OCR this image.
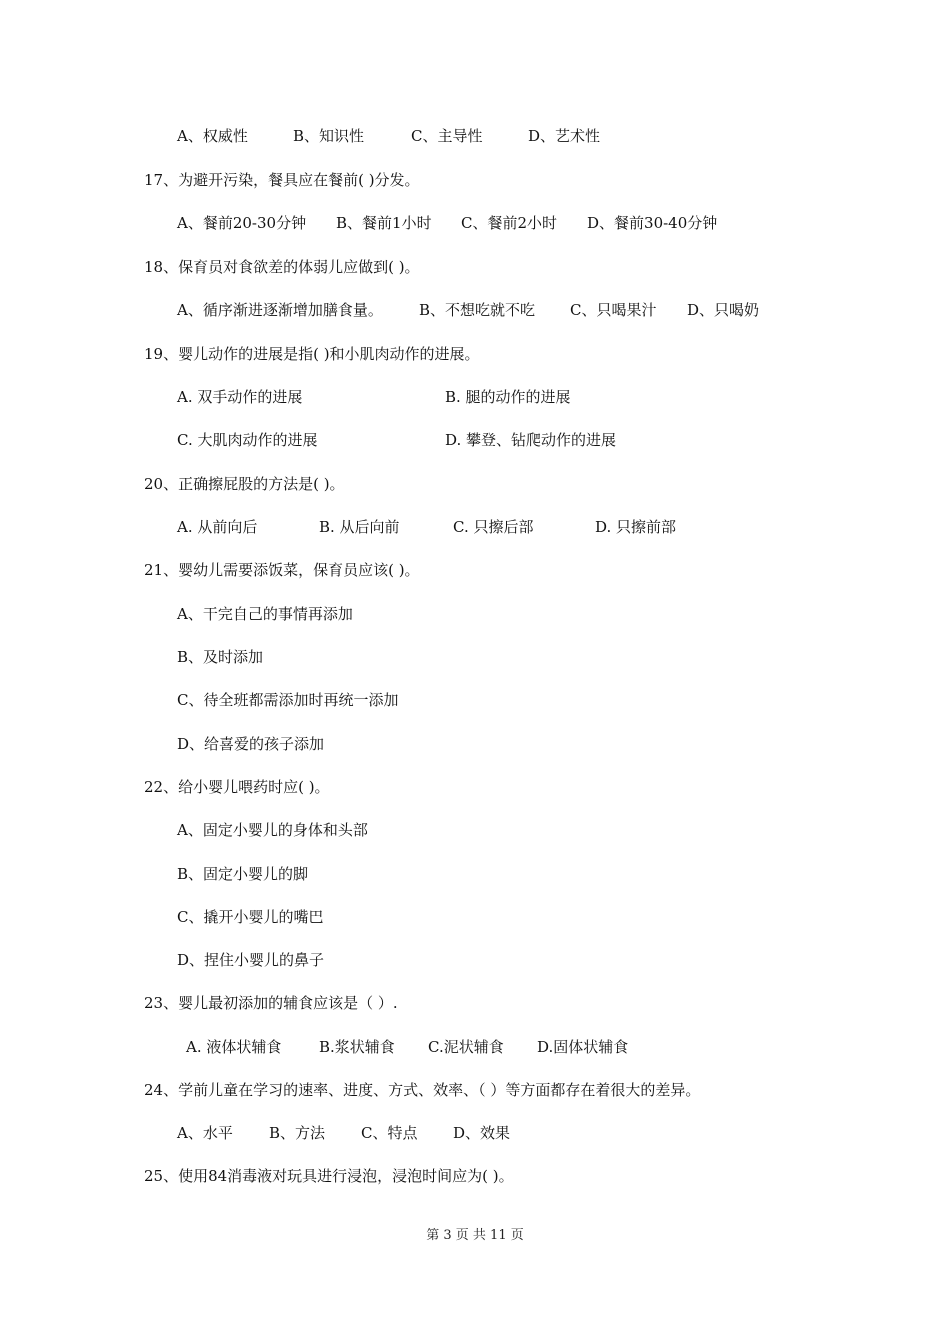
A、权威性	B、知识性	C、主导性	D、艺术性
17、为避开污染，餐具应在餐前( )分发。
A、餐前20-30分钟 B、餐前1小时 C、餐前2小时 D、餐前30-40分钟
18、保育员对食欲差的体弱儿应做到( )。
A、循序渐进逐渐增加膳食量。 B、不想吃就不吃 C、只喝果汁 D、只喝奶
19、婴儿动作的进展是指( )和小肌肉动作的进展。
A. 双手动作的进展	B. 腿的动作的进展
C. 大肌肉动作的进展	D. 攀登、钻爬动作的进展
20、正确擦屁股的方法是( )。
A. 从前向后	B. 从后向前	C. 只擦后部	D. 只擦前部
21、婴幼儿需要添饭菜，保育员应该( )。
A、干完自己的事情再添加
B、及时添加
C、待全班都需添加时再统一添加
D、给喜爱的孩子添加
22、给小婴儿喂药时应( )。
A、固定小婴儿的身体和头部
B、固定小婴儿的脚
C、撬开小婴儿的嘴巴
D、捏住小婴儿的鼻子
23、婴儿最初添加的辅食应该是（ ）.
A. 液体状辅食	B.浆状辅食 C.泥状辅食 D.固体状辅食
24、学前儿童在学习的速率、进度、方式、效率、（ ）等方面都存在着很大的差异。
A、水平 B、方法 C、特点 D、效果
25、使用84消毒液对玩具进行浸泡，浸泡时间应为( )。
第 3 页 共 11 页
